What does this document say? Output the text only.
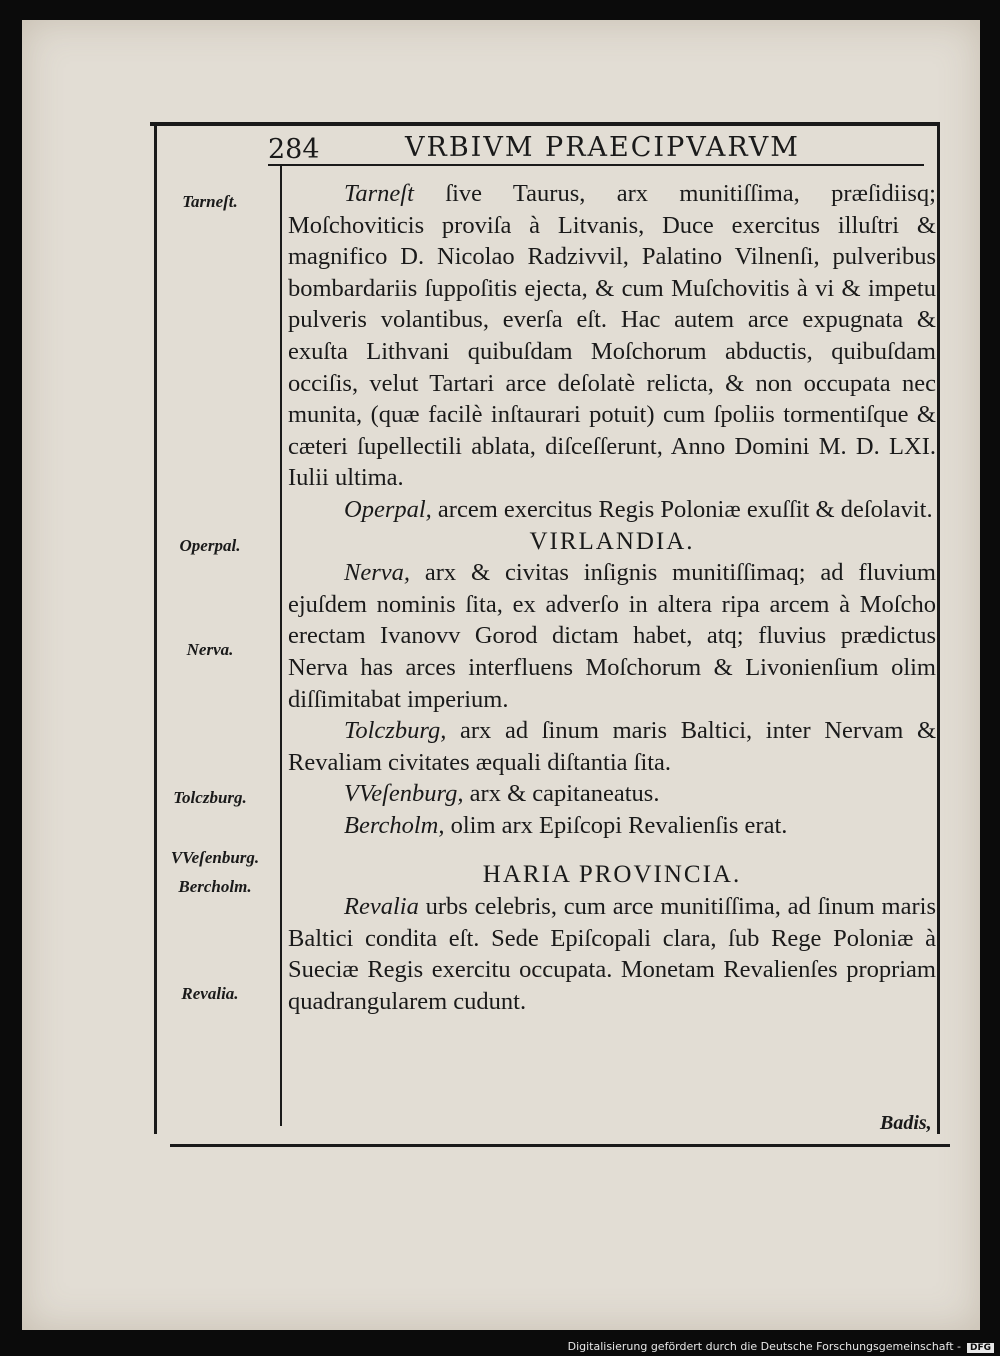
284	VRBIVM PRAECIPVARVM
Tarneſt.
Operpal.
Nerva.
Tolczburg.
VVeſenburg.
Bercholm.
Revalia.

Tarneſt ſive Taurus, arx munitiſſima, præſidiisq; Moſchoviticis proviſa à Litvanis, Duce exercitus illuſtri & magnifico D. Nicolao Radzivvil, Palatino Vilnenſi, pulveribus bombardariis ſuppoſitis ejecta, & cum Muſchovitis à vi & impetu pulveris volantibus, everſa eſt. Hac autem arce expugnata & exuſta Lithvani quibuſdam Moſchorum abductis, quibuſdam occiſis, velut Tartari arce deſolatè relicta, & non occupata nec munita, (quæ facilè inſtaurari potuit) cum ſpoliis tormentiſque & cæteri ſupellectili ablata, diſceſſerunt, Anno Domini M. D. LXI. Iulii ultima.

Operpal, arcem exercitus Regis Poloniæ exuſſit & deſolavit.

VIRLANDIA.

Nerva, arx & civitas inſignis munitiſſimaq; ad fluvium ejuſdem nominis ſita, ex adverſo in altera ripa arcem à Moſcho erectam Ivanovv Gorod dictam habet, atq; fluvius prædictus Nerva has arces interfluens Moſchorum & Livonienſium olim diſſimitabat imperium.

Tolczburg, arx ad ſinum maris Baltici, inter Nervam & Revaliam civitates æquali diſtantia ſita.

VVeſenburg, arx & capitaneatus.

Bercholm, olim arx Epiſcopi Revalienſis erat.

HARIA PROVINCIA.

Revalia urbs celebris, cum arce munitiſſima, ad ſinum maris Baltici condita eſt. Sede Epiſcopali clara, ſub Rege Poloniæ à Sueciæ Regis exercitu occupata. Monetam Revalienſes propriam quadrangularem cudunt.

Badis,
Digitalisierung gefördert durch die Deutsche Forschungsgemeinschaft - DFG
